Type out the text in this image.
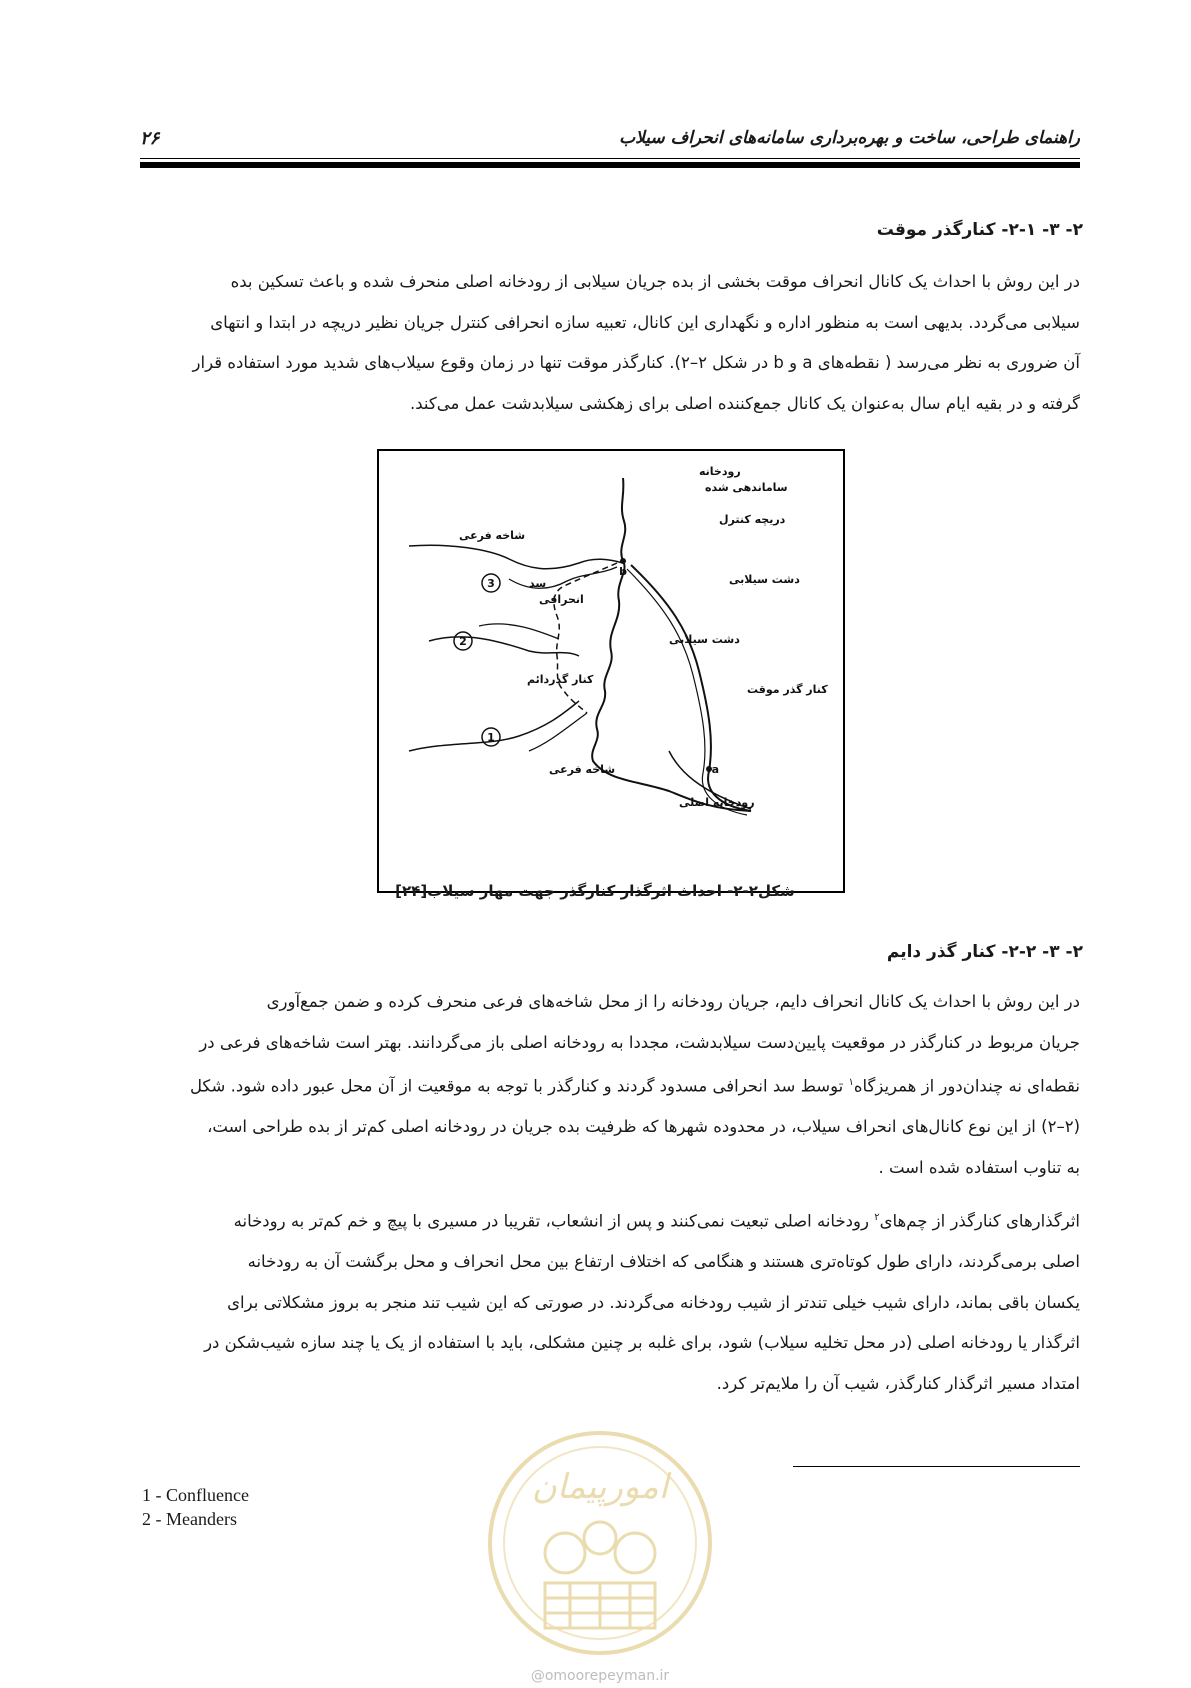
راهنمای طراحی، ساخت و بهره‌برداری سامانه‌های انحراف سیلاب
۲۶
۲- ۳- ۲-۱- کنارگذر موقت
در این روش با احداث یک کانال انحراف موقت بخشی از بده جریان سیلابی از رودخانه اصلی منحرف شده و باعث تسکین بده
سیلابی می‌گردد. بدیهی است به منظور اداره و نگهداری این کانال، تعبیه سازه انحرافی کنترل جریان نظیر دریچه در ابتدا و انتهای
آن ضروری به نظر می‌رسد ( نقطه‌های a و b در شکل ۲–۲). کنارگذر موقت تنها در زمان وقوع سیلاب‌های شدید مورد استفاده قرار
گرفته و در بقیه ایام سال به‌عنوان یک کانال جمع‌کننده اصلی برای زهکشی سیلابدشت عمل می‌کند.
3
2
1
رودخانه
ساماندهی شده
دریچه کنترل
شاخه فرعی
سد
انحرافی
دشت سیلابی
دشت سیلابی
کنار گذردائم
کنار گذر موقت
شاخه فرعی
رودخانه اصلی
a
b
شکل۲-۲- احداث اثرگذار کنارگذر جهت مهار سیلاب[۲۴]
۲- ۳- ۲-۲- کنار گذر دایم
در این روش با احداث یک کانال انحراف دایم، جریان رودخانه را از محل شاخه‌های فرعی منحرف کرده و ضمن جمع‌آوری
جریان مربوط در کنارگذر در موقعیت پایین‌دست سیلابدشت، مجددا به رودخانه اصلی باز می‌گردانند. بهتر است شاخه‌های فرعی در
نقطه‌ای نه چندان‌دور از همریزگاه$^۱$ توسط سد انحرافی مسدود گردند و کنارگذر با توجه به موقعیت از آن محل عبور داده شود. شکل
(۲–۲) از این نوع کانال‌های انحراف سیلاب، در محدوده شهرها که ظرفیت بده جریان در رودخانه اصلی کم‌تر از بده طراحی است،
به تناوب استفاده شده است .
اثرگذارهای کنارگذر از چم‌های$^۲$ رودخانه اصلی تبعیت نمی‌کنند و پس از انشعاب، تقریبا در مسیری با پیچ و خم کم‌تر به رودخانه
اصلی برمی‌گردند، دارای طول کوتاه‌تری هستند و هنگامی که اختلاف ارتفاع بین محل انحراف و محل برگشت آن به رودخانه
یکسان باقی بماند، دارای شیب خیلی تندتر از شیب رودخانه می‌گردند. در صورتی که این شیب تند منجر به بروز مشکلاتی برای
اثرگذار یا رودخانه اصلی (در محل تخلیه سیلاب) شود، برای غلبه بر چنین مشکلی، باید با استفاده از یک یا چند سازه شیب‌شکن در
امتداد مسیر اثرگذار کنارگذر، شیب آن را ملایم‌تر کرد.
امورپیمان
@omoorepeyman.ir
1 - Confluence
2 - Meanders
